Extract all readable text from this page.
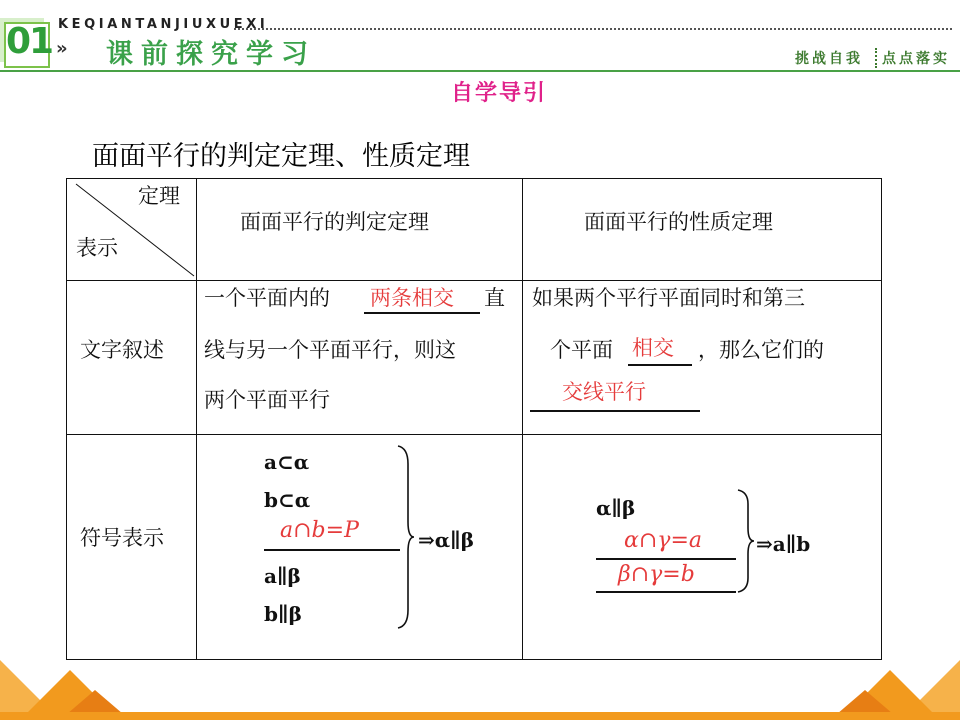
01 KEQIANTANJIUXUEXI
» 课前探究学习	挑战自我 点点落实
自学导引
面面平行的判定定理、性质定理
定理
表示
面面平行的判定定理	面面平行的性质定理
文字叙述
符号表示
一个平面内的 两条相交 直
线与另一个平面平行，则这
两个平面平行
如果两个平行平面同时和第三
个平面 相交 ，那么它们的
交线平行
a⊂α
b⊂α
a∩b=P
a∥β
b∥β
⇒α∥β
α∥β
α∩γ=a
β∩γ=b
⇒a∥b
